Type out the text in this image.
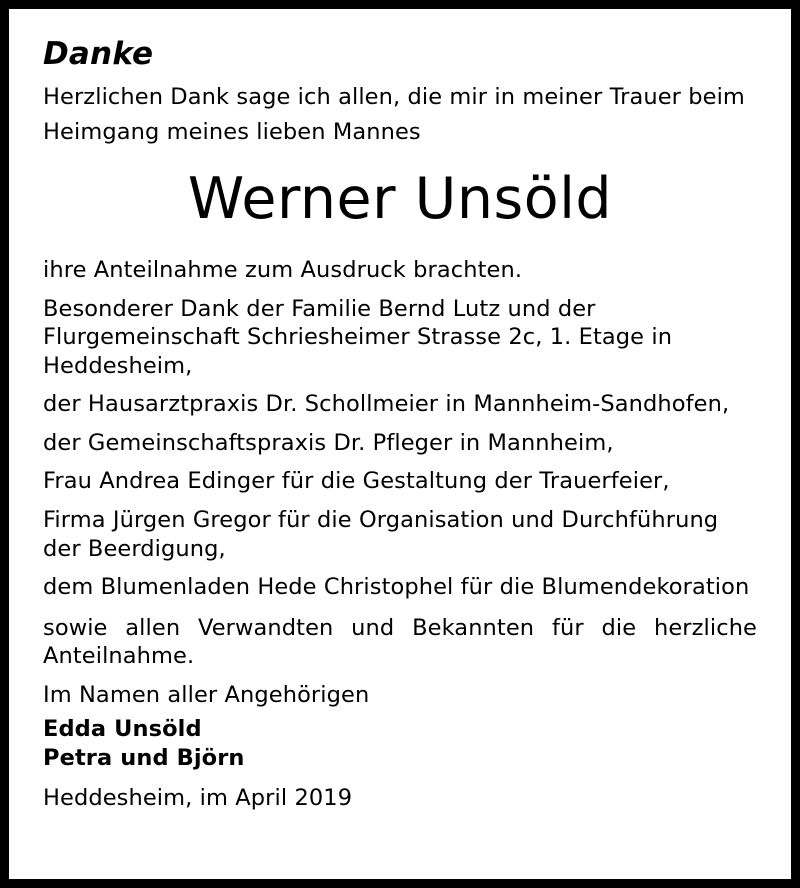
Danke
Herzlichen Dank sage ich allen, die mir in meiner Trauer beim
Heimgang meines lieben Mannes
Werner Unsöld
ihre Anteilnahme zum Ausdruck brachten.
Besonderer Dank der Familie Bernd Lutz und der Flurgemeinschaft Schriesheimer Strasse 2c, 1. Etage in Heddesheim,
der Hausarztpraxis Dr. Schollmeier in Mannheim-Sandhofen,
der Gemeinschaftspraxis Dr. Pfleger in Mannheim,
Frau Andrea Edinger für die Gestaltung der Trauerfeier,
Firma Jürgen Gregor für die Organisation und Durchführung der Beerdigung,
dem Blumenladen Hede Christophel für die Blumendekoration
sowie allen Verwandten und Bekannten für die herzliche Anteilnahme.
Im Namen aller Angehörigen
Edda Unsöld
Petra und Björn
Heddesheim, im April 2019
